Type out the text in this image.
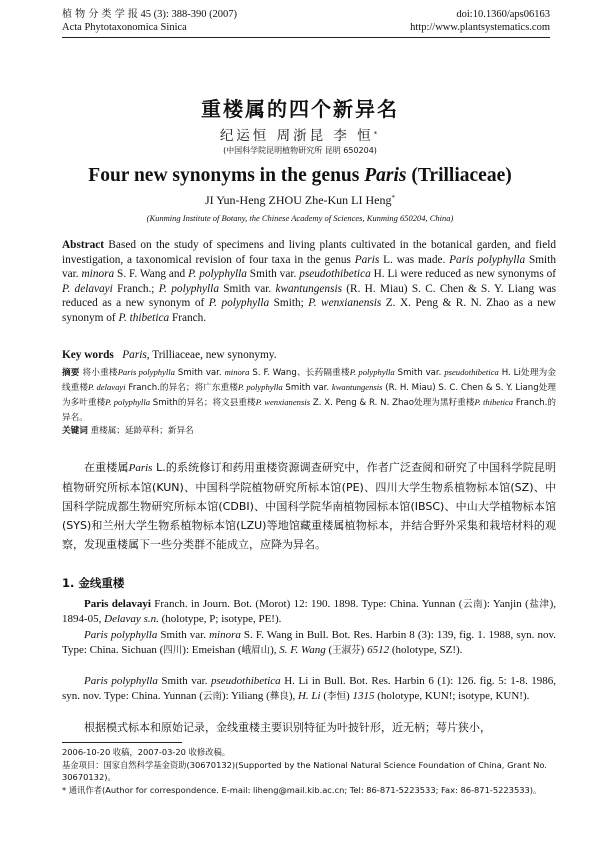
植 物 分 类 学 报 45 (3): 388-390 (2007)	doi:10.1360/aps06163
Acta Phytotaxonomica Sinica	http://www.plantsystematics.com
重楼属的四个新异名
纪运恒 周浙昆 李 恒*
(中国科学院昆明植物研究所 昆明 650204)
Four new synonyms in the genus Paris (Trilliaceae)
JI Yun-Heng ZHOU Zhe-Kun LI Heng*
(Kunming Institute of Botany, the Chinese Academy of Sciences, Kunming 650204, China)

Abstract Based on the study of specimens and living plants cultivated in the botanical garden, and field investigation, a taxonomical revision of four taxa in the genus Paris L. was made. Paris polyphylla Smith var. minora S. F. Wang and P. polyphylla Smith var. pseudothibetica H. Li were reduced as new synonyms of P. delavayi Franch.; P. polyphylla Smith var. kwantungensis (R. H. Miau) S. C. Chen & S. Y. Liang was reduced as a new synonym of P. polyphylla Smith; P. wenxianensis Z. X. Peng & R. N. Zhao as a new synonym of P. thibetica Franch.

Key words Paris, Trilliaceae, new synonymy.

摘要 将小重楼Paris polyphylla Smith var. minora S. F. Wang、长药隔重楼P. polyphylla Smith var. pseudothibetica H. Li处理为金线重楼P. delavayi Franch.的异名；将广东重楼P. polyphylla Smith var. kwantungensis (R. H. Miau) S. C. Chen & S. Y. Liang处理为多叶重楼P. polyphylla Smith的异名；将文县重楼P. wenxianensis Z. X. Peng & R. N. Zhao处理为黑籽重楼P. thibetica Franch.的异名。

关键词 重楼属；延龄草科；新异名

在重楼属Paris L.的系统修订和药用重楼资源调查研究中，作者广泛查阅和研究了中国科学院昆明植物研究所标本馆(KUN)、中国科学院植物研究所标本馆(PE)、四川大学生物系植物标本馆(SZ)、中国科学院成都生物研究所标本馆(CDBI)、中国科学院华南植物园标本馆(IBSC)、中山大学植物标本馆(SYS)和兰州大学生物系植物标本馆(LZU)等地馆藏重楼属植物标本，并结合野外采集和栽培材料的观察，发现重楼属下一些分类群不能成立，应降为异名。

1. 金线重楼

Paris delavayi Franch. in Journ. Bot. (Morot) 12: 190. 1898. Type: China. Yunnan (云南): Yanjin (盐津), 1894-05, Delavay s.n. (holotype, P; isotype, PE!).

Paris polyphylla Smith var. minora S. F. Wang in Bull. Bot. Res. Harbin 8 (3): 139, fig. 1. 1988, syn. nov. Type: China. Sichuan (四川): Emeishan (峨眉山), S. F. Wang (王淑芬) 6512 (holotype, SZ!).

Paris polyphylla Smith var. pseudothibetica H. Li in Bull. Bot. Res. Harbin 6 (1): 126. fig. 5: 1-8. 1986, syn. nov. Type: China. Yunnan (云南): Yiliang (彝良), H. Li (李恒) 1315 (holotype, KUN!; isotype, KUN!).

根据模式标本和原始记录，金线重楼主要识别特征为叶披针形，近无柄；萼片狭小，

2006-10-20 收稿，2007-03-20 收修改稿。

基金项目：国家自然科学基金资助(30670132)(Supported by the National Natural Science Foundation of China, Grant No. 30670132)。

* 通讯作者(Author for correspondence. E-mail: liheng@mail.kib.ac.cn; Tel: 86-871-5223533; Fax: 86-871-5223533)。
